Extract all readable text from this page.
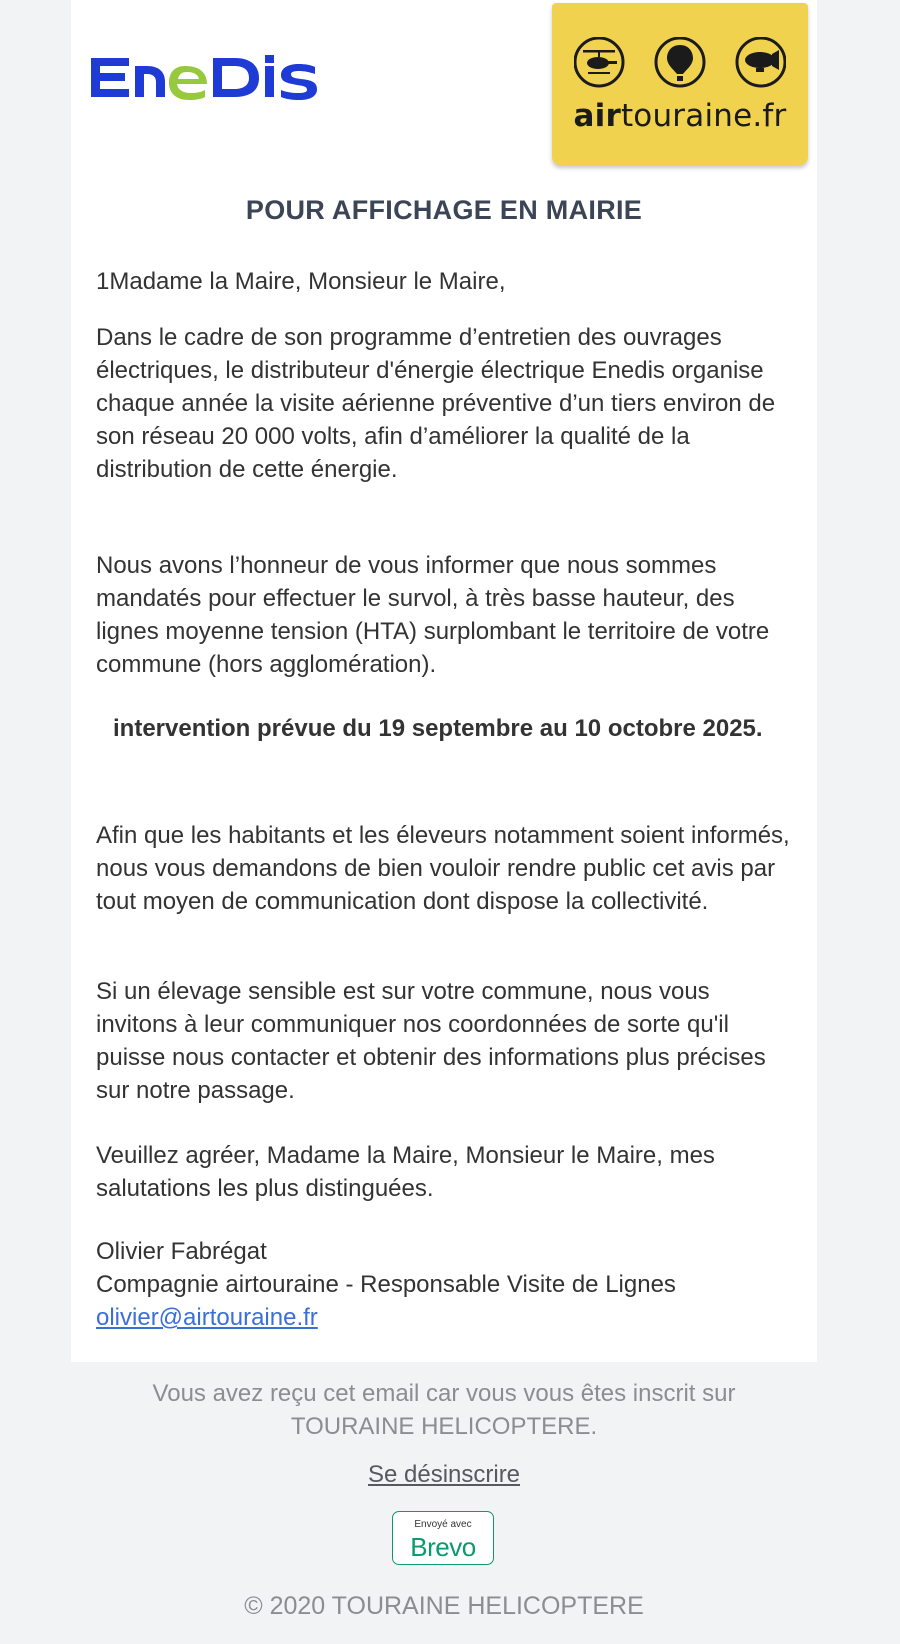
airtouraine.fr
POUR AFFICHAGE EN MAIRIE

1Madame la Maire, Monsieur le Maire,

Dans le cadre de son programme d’entretien des ouvrages électriques, le distributeur d'énergie électrique Enedis organise chaque année la visite aérienne préventive d’un tiers environ de son réseau 20 000 volts, afin d’améliorer la qualité de la distribution de cette énergie.

Nous avons l’honneur de vous informer que nous sommes mandatés pour effectuer le survol, à très basse hauteur, des lignes moyenne tension (HTA) surplombant le territoire de votre commune (hors agglomération).

intervention prévue du 19 septembre au 10 octobre 2025.

Afin que les habitants et les éleveurs notamment soient informés, nous vous demandons de bien vouloir rendre public cet avis par tout moyen de communication dont dispose la collectivité.

Si un élevage sensible est sur votre commune, nous vous invitons à leur communiquer nos coordonnées de sorte qu'il puisse nous contacter et obtenir des informations plus précises sur notre passage.

Veuillez agréer, Madame la Maire, Monsieur le Maire, mes salutations les plus distinguées.

Olivier Fabrégat

Compagnie airtouraine - Responsable Visite de Lignes

olivier@airtouraine.fr

Vous avez reçu cet email car vous vous êtes inscrit sur
TOURAINE HELICOPTERE.
Se désinscrire
Envoyé avec
Brevo
© 2020 TOURAINE HELICOPTERE
